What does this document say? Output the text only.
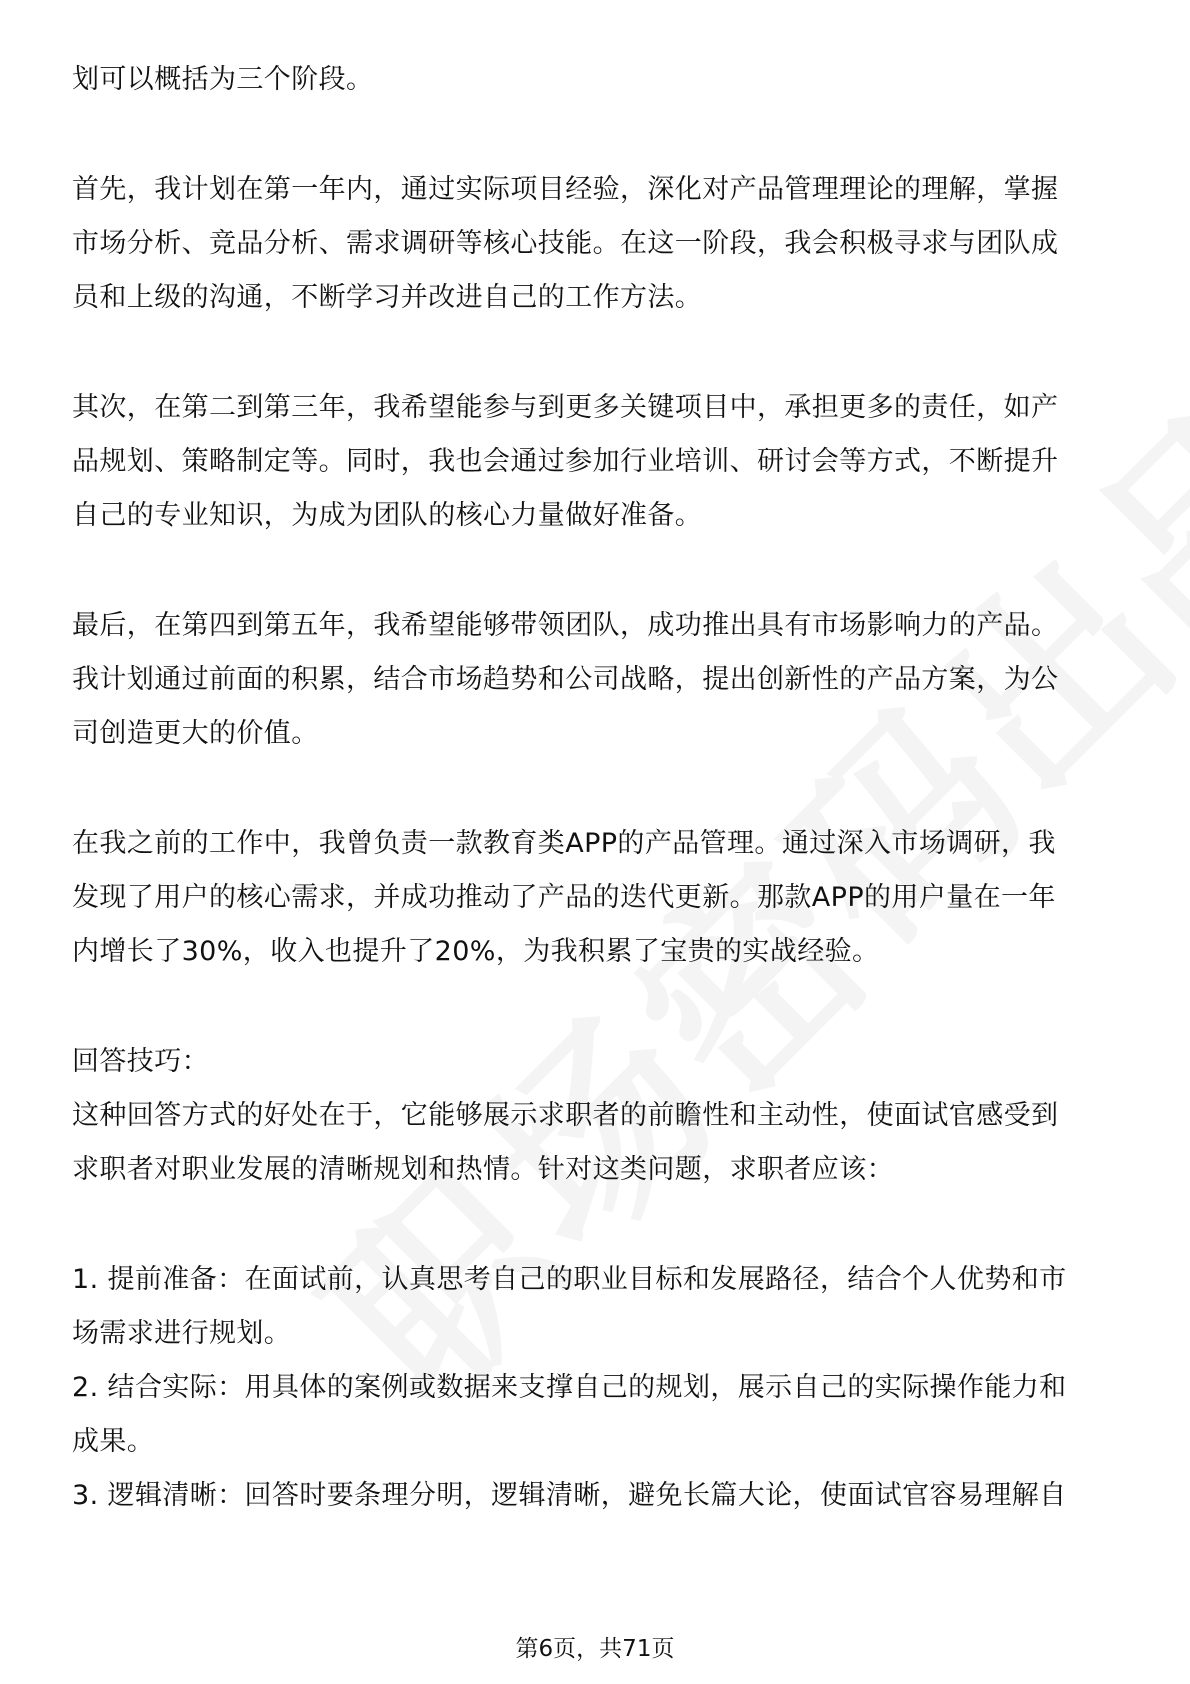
划可以概括为三个阶段。
首先，我计划在第一年内，通过实际项目经验，深化对产品管理理论的理解，掌握
市场分析、竞品分析、需求调研等核心技能。在这一阶段，我会积极寻求与团队成
员和上级的沟通，不断学习并改进自己的工作方法。
其次，在第二到第三年，我希望能参与到更多关键项目中，承担更多的责任，如产
品规划、策略制定等。同时，我也会通过参加行业培训、研讨会等方式，不断提升
自己的专业知识，为成为团队的核心力量做好准备。
最后，在第四到第五年，我希望能够带领团队，成功推出具有市场影响力的产品。
我计划通过前面的积累，结合市场趋势和公司战略，提出创新性的产品方案，为公
司创造更大的价值。
在我之前的工作中，我曾负责一款教育类APP的产品管理。通过深入市场调研，我
发现了用户的核心需求，并成功推动了产品的迭代更新。那款APP的用户量在一年
内增长了30%，收入也提升了20%，为我积累了宝贵的实战经验。
回答技巧：
这种回答方式的好处在于，它能够展示求职者的前瞻性和主动性，使面试官感受到
求职者对职业发展的清晰规划和热情。针对这类问题，求职者应该：
1. 提前准备：在面试前，认真思考自己的职业目标和发展路径，结合个人优势和市
场需求进行规划。
2. 结合实际：用具体的案例或数据来支撑自己的规划，展示自己的实际操作能力和
成果。
3. 逻辑清晰：回答时要条理分明，逻辑清晰，避免长篇大论，使面试官容易理解自
第6页，共71页
